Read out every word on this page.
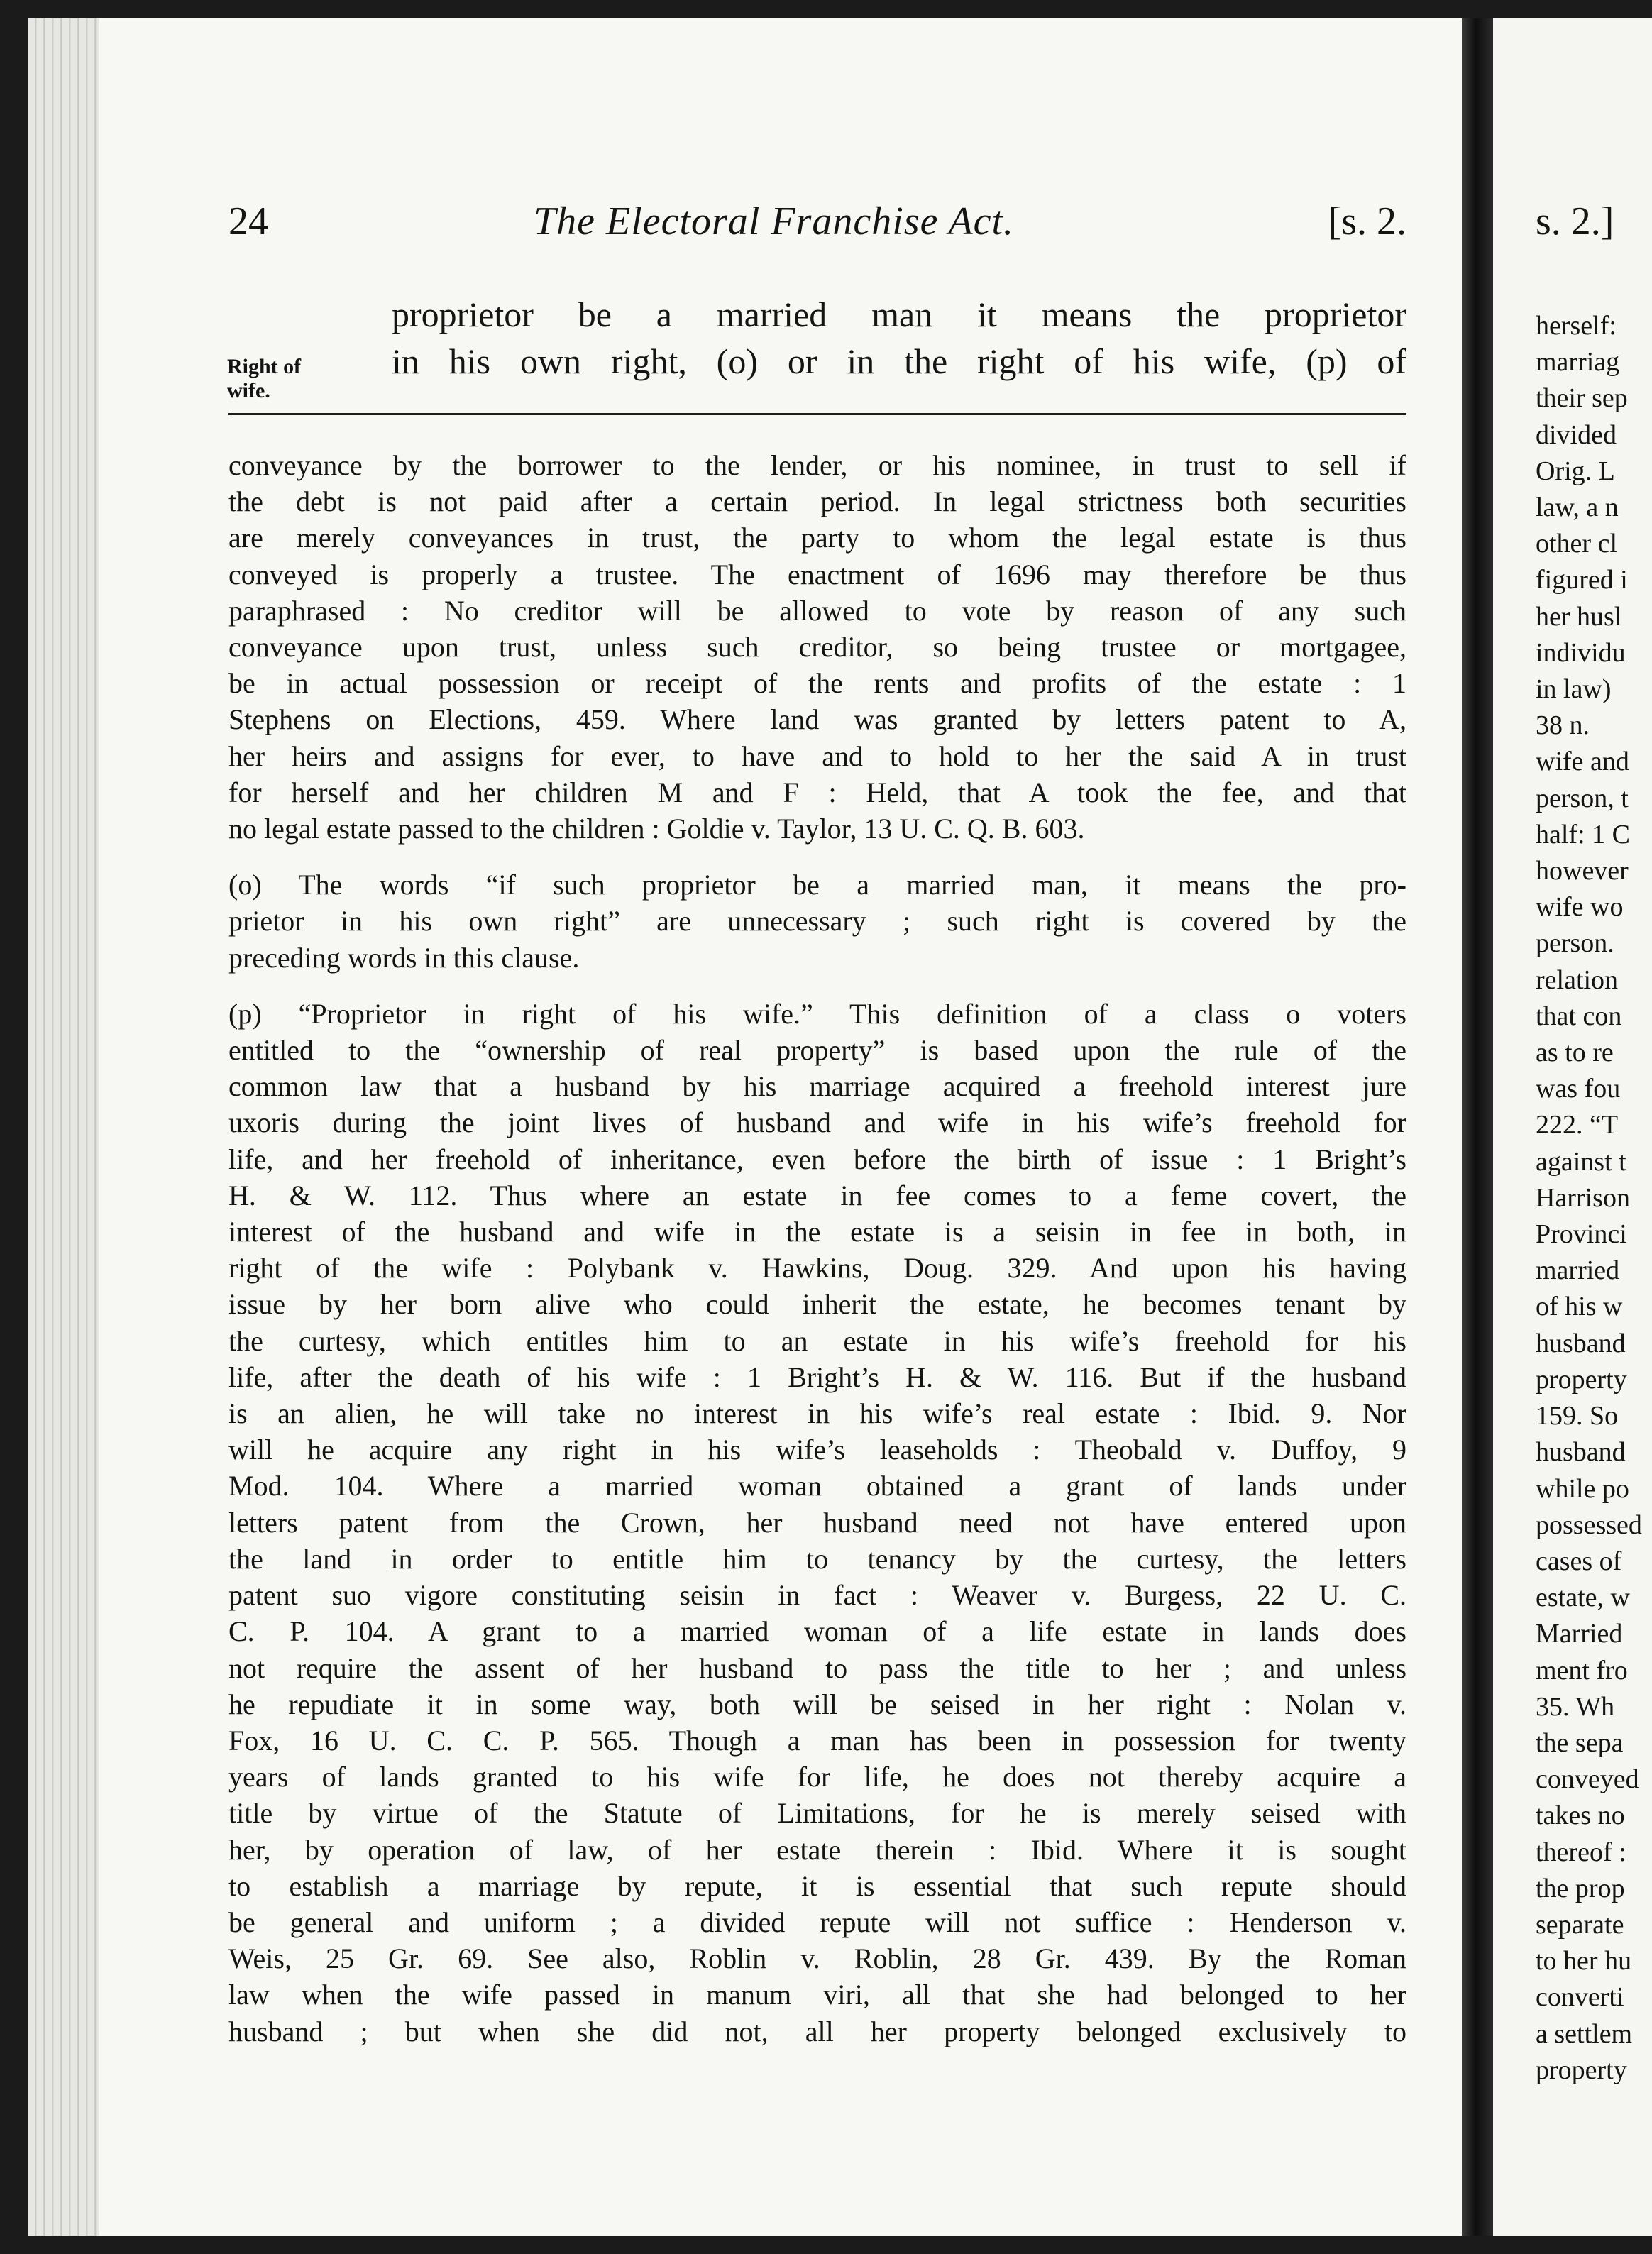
24	The Electoral Franchise Act.	[s. 2.
proprietor be a married man it means the proprietor
in his own right, (o) or in the right of his wife, (p) of
Right of
wife.

conveyance by the borrower to the lender, or his nominee, in trust to sell if
the debt is not paid after a certain period. In legal strictness both securities
are merely conveyances in trust, the party to whom the legal estate is thus
conveyed is properly a trustee. The enactment of 1696 may therefore be thus
paraphrased : No creditor will be allowed to vote by reason of any such
conveyance upon trust, unless such creditor, so being trustee or mortgagee,
be in actual possession or receipt of the rents and profits of the estate : 1
Stephens on Elections, 459. Where land was granted by letters patent to A,
her heirs and assigns for ever, to have and to hold to her the said A in trust
for herself and her children M and F : Held, that A took the fee, and that
no legal estate passed to the children : Goldie v. Taylor, 13 U. C. Q. B. 603.

(o) The words “if such proprietor be a married man, it means the pro-
prietor in his own right” are unnecessary ; such right is covered by the
preceding words in this clause.

(p) “Proprietor in right of his wife.” This definition of a class o voters
entitled to the “ownership of real property” is based upon the rule of the
common law that a husband by his marriage acquired a freehold interest jure
uxoris during the joint lives of husband and wife in his wife’s freehold for
life, and her freehold of inheritance, even before the birth of issue : 1 Bright’s
H. & W. 112. Thus where an estate in fee comes to a feme covert, the
interest of the husband and wife in the estate is a seisin in fee in both, in
right of the wife : Polybank v. Hawkins, Doug. 329. And upon his having
issue by her born alive who could inherit the estate, he becomes tenant by
the curtesy, which entitles him to an estate in his wife’s freehold for his
life, after the death of his wife : 1 Bright’s H. & W. 116. But if the husband
is an alien, he will take no interest in his wife’s real estate : Ibid. 9. Nor
will he acquire any right in his wife’s leaseholds : Theobald v. Duffoy, 9
Mod. 104. Where a married woman obtained a grant of lands under
letters patent from the Crown, her husband need not have entered upon
the land in order to entitle him to tenancy by the curtesy, the letters
patent suo vigore constituting seisin in fact : Weaver v. Burgess, 22 U. C.
C. P. 104. A grant to a married woman of a life estate in lands does
not require the assent of her husband to pass the title to her ; and unless
he repudiate it in some way, both will be seised in her right : Nolan v.
Fox, 16 U. C. C. P. 565. Though a man has been in possession for twenty
years of lands granted to his wife for life, he does not thereby acquire a
title by virtue of the Statute of Limitations, for he is merely seised with
her, by operation of law, of her estate therein : Ibid. Where it is sought
to establish a marriage by repute, it is essential that such repute should
be general and uniform ; a divided repute will not suffice : Henderson v.
Weis, 25 Gr. 69. See also, Roblin v. Roblin, 28 Gr. 439. By the Roman
law when the wife passed in manum viri, all that she had belonged to her
husband ; but when she did not, all her property belonged exclusively to

s. 2.]
herself:
marriag
their sep
divided
Orig. L
law, a n
other cl
figured i
her husl
individu
in law)
38 n.
wife and
person, t
half: 1 C
however
wife wo
person.
relation
that con
as to re
was fou
222. “T
against t
Harrison
Provinci
married
of his w
husband
property
159. So
husband
while po
possessed
cases of
estate, w
Married
ment fro
35. Wh
the sepa
conveyed
takes no
thereof :
the prop
separate
to her hu
converti
a settlem
property
